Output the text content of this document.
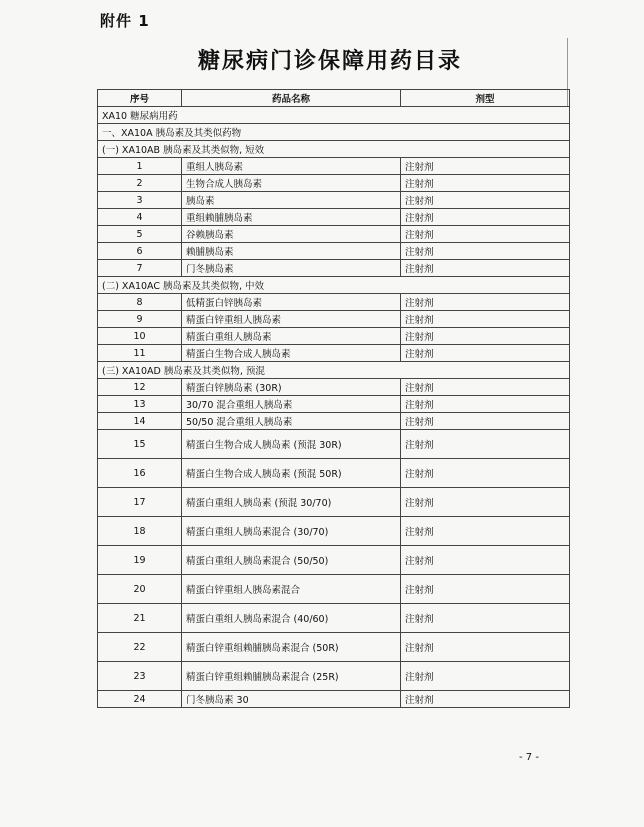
附件 1
糖尿病门诊保障用药目录
序号	药品名称	剂型
XA10 糖尿病用药		
一、XA10A 胰岛素及其类似药物		
(一) XA10AB 胰岛素及其类似物, 短效		
1	重组人胰岛素	注射剂
2	生物合成人胰岛素	注射剂
3	胰岛素	注射剂
4	重组赖脯胰岛素	注射剂
5	谷赖胰岛素	注射剂
6	赖脯胰岛素	注射剂
7	门冬胰岛素	注射剂
(二) XA10AC 胰岛素及其类似物, 中效		
8	低精蛋白锌胰岛素	注射剂
9	精蛋白锌重组人胰岛素	注射剂
10	精蛋白重组人胰岛素	注射剂
11	精蛋白生物合成人胰岛素	注射剂
(三) XA10AD 胰岛素及其类似物, 预混		
12	精蛋白锌胰岛素 (30R)	注射剂
13	30/70 混合重组人胰岛素	注射剂
14	50/50 混合重组人胰岛素	注射剂
15	精蛋白生物合成人胰岛素 (预混 30R)	注射剂
16	精蛋白生物合成人胰岛素 (预混 50R)	注射剂
17	精蛋白重组人胰岛素 (预混 30/70)	注射剂
18	精蛋白重组人胰岛素混合 (30/70)	注射剂
19	精蛋白重组人胰岛素混合 (50/50)	注射剂
20	精蛋白锌重组人胰岛素混合	注射剂
21	精蛋白重组人胰岛素混合 (40/60)	注射剂
22	精蛋白锌重组赖脯胰岛素混合 (50R)	注射剂
23	精蛋白锌重组赖脯胰岛素混合 (25R)	注射剂
24	门冬胰岛素 30	注射剂
- 7 -
